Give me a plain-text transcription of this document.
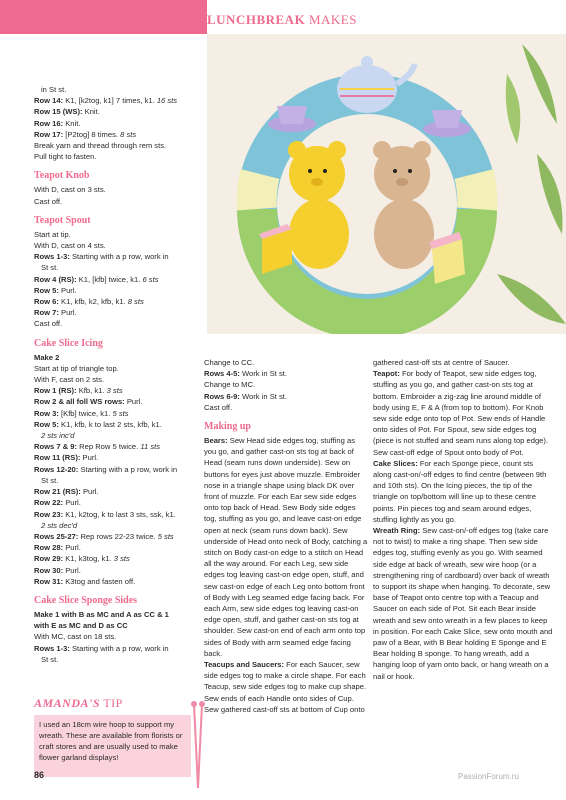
LUNCHBREAK MAKES

in St st.

Row 14: K1, [k2tog, k1] 7 times, k1. 16 sts

Row 15 (WS): Knit.

Row 16: Knit.

Row 17: [P2tog] 8 times. 8 sts

Break yarn and thread through rem sts.

Pull tight to fasten.

Teapot Knob

With D, cast on 3 sts.

Cast off.

Teapot Spout

Start at tip.

With D, cast on 4 sts.

Rows 1-3: Starting with a p row, work in

St st.

Row 4 (RS): K1, [kfb] twice, k1. 6 sts

Row 5: Purl.

Row 6: K1, kfb, k2, kfb, k1. 8 sts

Row 7: Purl.

Cast off.

Cake Slice Icing

Make 2

Start at tip of triangle top.

With F, cast on 2 sts.

Row 1 (RS): Kfb, k1. 3 sts

Row 2 & all foll WS rows: Purl.

Row 3: [Kfb] twice, k1. 5 sts

Row 5: K1, kfb, k to last 2 sts, kfb, k1.

2 sts inc'd

Rows 7 & 9: Rep Row 5 twice. 11 sts

Row 11 (RS): Purl.

Rows 12-20: Starting with a p row, work in

St st.

Row 21 (RS): Purl.

Row 22: Purl.

Row 23: K1, k2tog, k to last 3 sts, ssk, k1.

2 sts dec'd

Rows 25-27: Rep rows 22-23 twice. 5 sts

Row 28: Purl.

Row 29: K1, k3tog, k1. 3 sts

Row 30: Purl.

Row 31: K3tog and fasten off.

Cake Slice Sponge Sides

Make 1 with B as MC and A as CC & 1

with E as MC and D as CC

With MC, cast on 18 sts.

Rows 1-3: Starting with a p row, work in

St st.

AMANDA'S TIP
I used an 18cm wire hoop to support my wreath. These are available from florists or craft stores and are usually used to make flower garland displays!

Change to CC.

Rows 4-5: Work in St st.

Change to MC.

Rows 6-9: Work in St st.

Cast off.

Making up

Bears: Sew Head side edges tog, stuffing as you go, and gather cast-on sts tog at back of Head (seam runs down underside). Sew on buttons for eyes just above muzzle. Embroider nose in a triangle shape using black DK over front of muzzle. For each Ear sew side edges onto top back of Head. Sew Body side edges tog, stuffing as you go, and leave cast-on edge open at neck (seam runs down back). Sew underside of Head onto neck of Body, catching a stitch on Body cast-on edge to a stitch on Head all the way around. For each Leg, sew side edges tog leaving cast-on edge open, stuff, and sew cast-on edge of each Leg onto bottom front of Body with Leg seamed edge facing back. For each Arm, sew side edges tog leaving cast-on edge open, stuff, and gather cast-on sts tog at shoulder. Sew cast-on end of each arm onto top sides of Body with arm seamed edge facing back.

Teacups and Saucers: For each Saucer, sew side edges tog to make a circle shape. For each Teacup, sew side edges tog to make cup shape. Sew ends of each Handle onto sides of Cup. Sew gathered cast-off sts at bottom of Cup onto

gathered cast-off sts at centre of Saucer.

Teapot: For body of Teapot, sew side edges tog, stuffing as you go, and gather cast-on sts tog at bottom. Embroider a zig-zag line around middle of body using E, F & A (from top to bottom). For Knob sew side edge onto top of Pot. Sew ends of Handle onto sides of Pot. For Spout, sew side edges tog (piece is not stuffed and seam runs along top edge). Sew cast-off edge of Spout onto body of Pot.

Cake Slices: For each Sponge piece, count sts along cast-on/-off edges to find centre (between 9th and 10th sts). On the Icing pieces, the tip of the triangle on top/bottom will line up to these centre points. Pin pieces tog and seam around edges, stuffing lightly as you go.

Wreath Ring: Sew cast-on/-off edges tog (take care not to twist) to make a ring shape. Then sew side edges tog, stuffing evenly as you go. With seamed side edge at back of wreath, sew wire hoop (or a strengthening ring of cardboard) over back of wreath to support its shape when hanging. To decorate, sew base of Teapot onto centre top with a Teacup and Saucer on each side of Pot. Sit each Bear inside wreath and sew onto wreath in a few places to keep in position. For each Cake Slice, sew onto mouth and paw of a Bear, with B Bear holding E Sponge and E Bear holding B sponge. To hang wreath, add a hanging loop of yarn onto back, or hang wreath on a nail or hook.

86	PassionForum.ru
